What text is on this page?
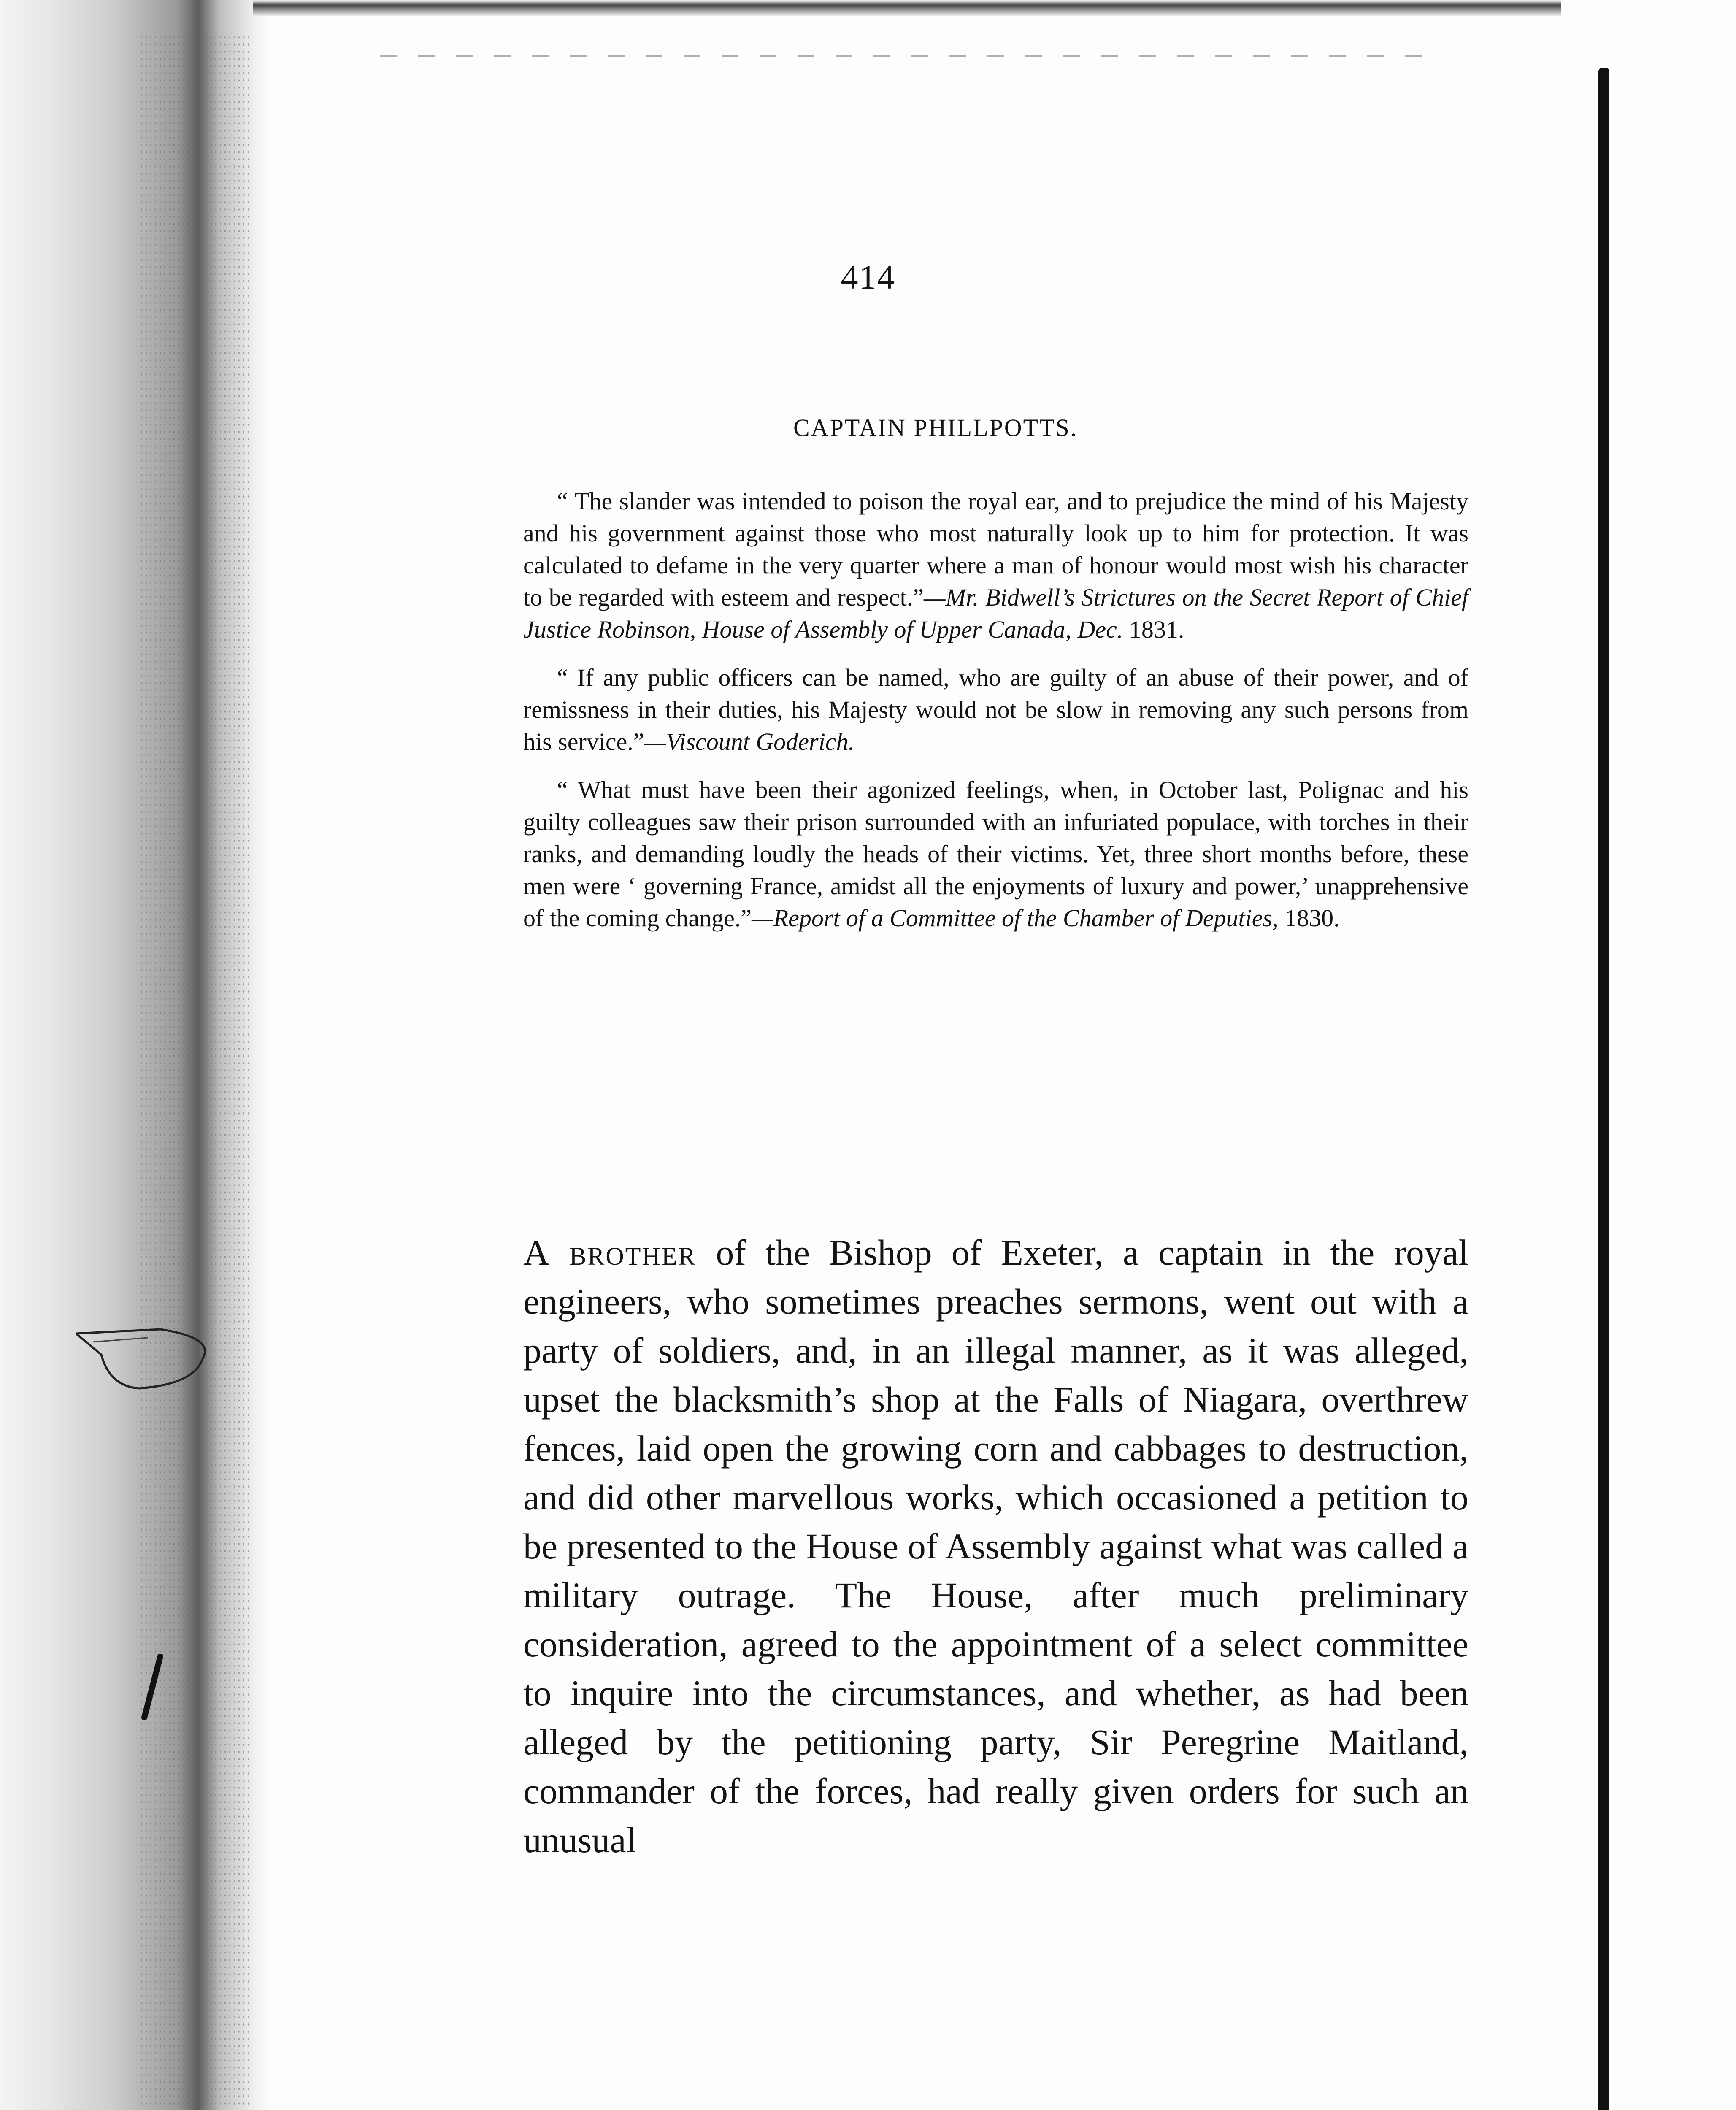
414
CAPTAIN PHILLPOTTS.

“ The slander was intended to poison the royal ear, and to prejudice the mind of his Majesty and his government against those who most naturally look up to him for protection. It was calculated to defame in the very quarter where a man of honour would most wish his character to be regarded with esteem and respect.”—Mr. Bidwell’s Strictures on the Secret Report of Chief Justice Robinson, House of Assembly of Upper Canada, Dec. 1831.

“ If any public officers can be named, who are guilty of an abuse of their power, and of remissness in their duties, his Majesty would not be slow in removing any such persons from his service.”—Viscount Goderich.

“ What must have been their agonized feelings, when, in October last, Polignac and his guilty colleagues saw their prison surrounded with an infuriated populace, with torches in their ranks, and demanding loudly the heads of their victims. Yet, three short months before, these men were ‘ governing France, amidst all the enjoyments of luxury and power,’ unapprehensive of the coming change.”—Report of a Committee of the Chamber of Deputies, 1830.

A brother of the Bishop of Exeter, a captain in the royal engineers, who sometimes preaches sermons, went out with a party of soldiers, and, in an illegal manner, as it was alleged, upset the blacksmith’s shop at the Falls of Niagara, overthrew fences, laid open the growing corn and cabbages to destruction, and did other marvellous works, which occasioned a petition to be presented to the House of Assembly against what was called a military outrage. The House, after much preliminary consideration, agreed to the appointment of a select committee to inquire into the circumstances, and whether, as had been alleged by the petitioning party, Sir Peregrine Maitland, commander of the forces, had really given orders for such an unusual
